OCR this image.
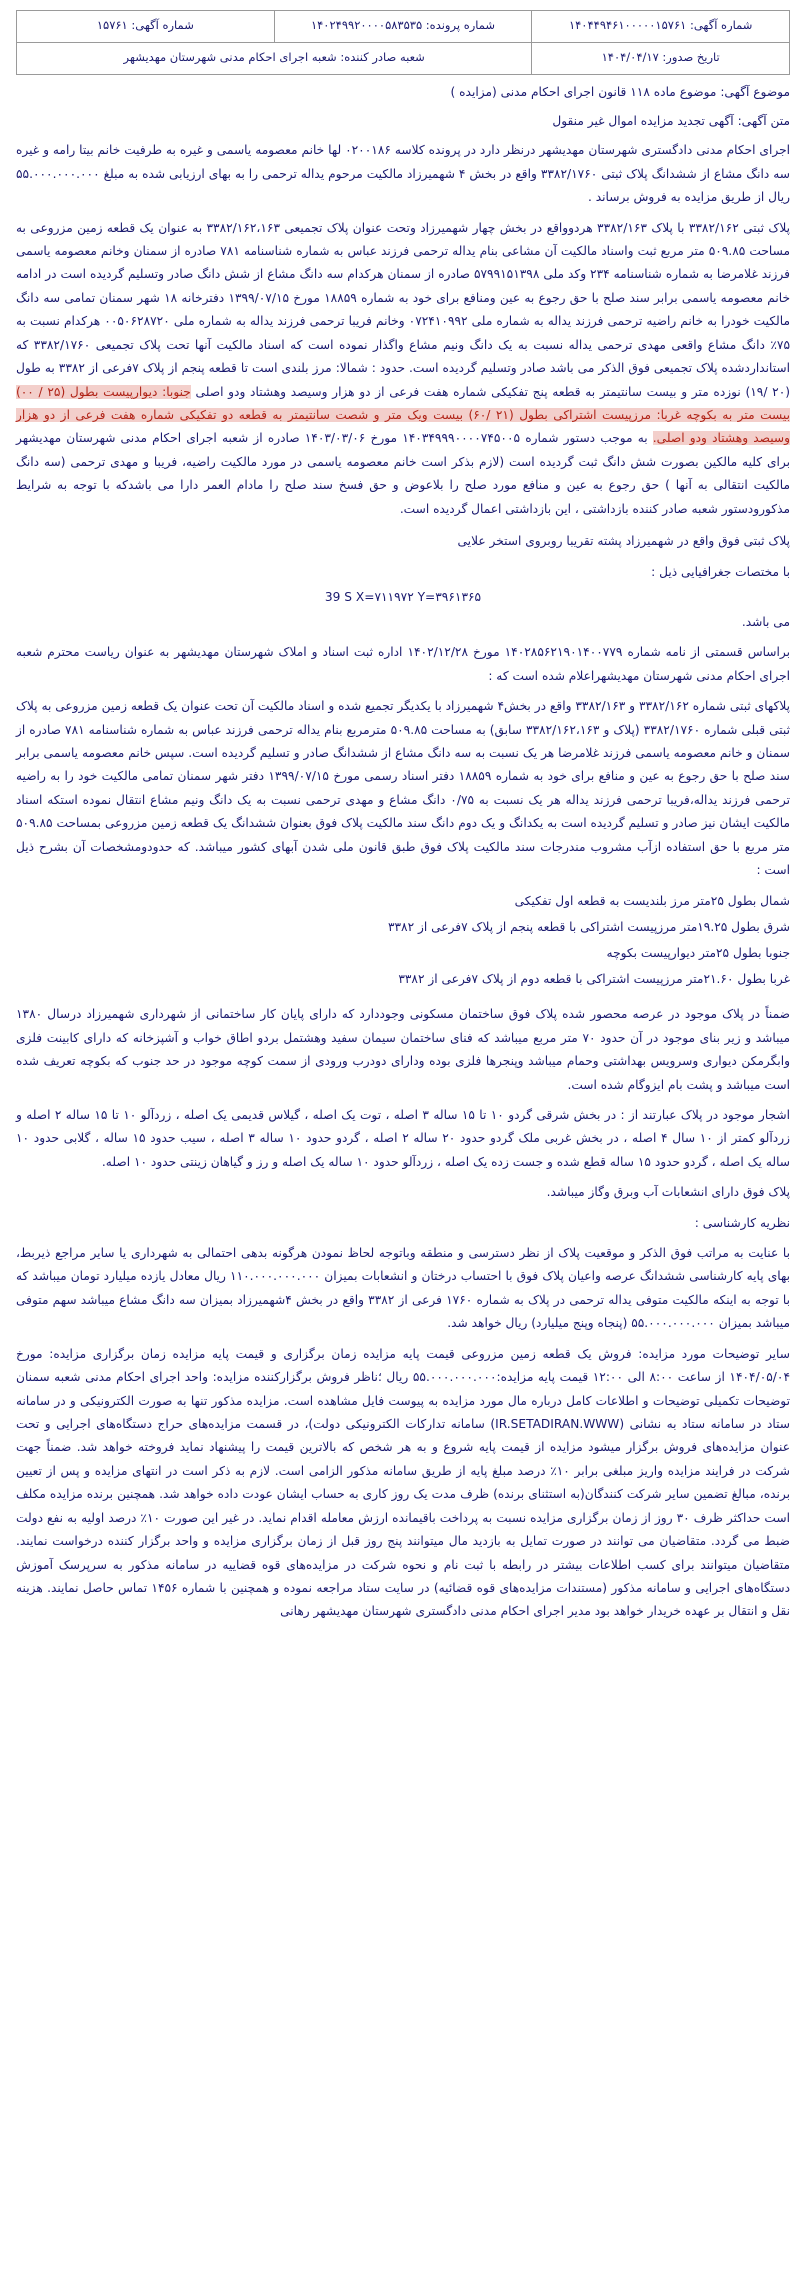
شماره آگهی: ۱۴۰۴۴۹۴۶۱۰۰۰۰۰۱۵۷۶۱	شماره پرونده: ۱۴۰۲۴۹۹۲۰۰۰۰۵۸۳۵۳۵	شماره آگهی: ۱۵۷۶۱
تاریخ صدور: ۱۴۰۴/۰۴/۱۷	شعبه صادر کننده: شعبه اجرای احکام مدنی شهرستان مهدیشهر	

موضوع آگهی: موضوع ماده ۱۱۸ قانون اجرای احکام مدنی (مزایده )

متن آگهی: آگهی تجدید مزایده اموال غیر منقول

اجرای احکام مدنی دادگستری شهرستان مهدیشهر درنظر دارد در پرونده کلاسه ۰۲۰۰۱۸۶ لها خانم معصومه یاسمی و غیره به طرفیت خانم بیتا رامه و غیره سه دانگ مشاع از ششدانگ پلاک ثبتی ۳۳۸۲/۱۷۶۰ واقع در بخش ۴ شهمیرزاد مالکیت مرحوم یداله ترحمی را به بهای ارزیابی شده به مبلغ ۵۵.۰۰۰.۰۰۰.۰۰۰ ریال از طریق مزایده به فروش برساند .

پلاک ثبتی ۳۳۸۲/۱۶۲ با پلاک ۳۳۸۲/۱۶۳ هردوواقع در بخش چهار شهمیرزاد وتحت عنوان پلاک تجمیعی ۳۳۸۲/۱۶۲،۱۶۳ به عنوان یک قطعه زمین مزروعی به مساحت ۵۰۹.۸۵ متر مربع ثبت واسناد مالکیت آن مشاعی بنام یداله ترحمی فرزند عباس به شماره شناسنامه ۷۸۱ صادره از سمنان وخانم معصومه یاسمی فرزند غلامرضا به شماره شناسنامه ۲۳۴ وکد ملی ۵۷۹۹۱۵۱۳۹۸ صادره از سمنان هرکدام سه دانگ مشاع از شش دانگ صادر وتسلیم گردیده است در ادامه خانم معصومه یاسمی برابر سند صلح با حق رجوع به عین ومنافع برای خود به شماره ۱۸۸۵۹ مورخ ۱۳۹۹/۰۷/۱۵ دفترخانه ۱۸ شهر سمنان تمامی سه دانگ مالکیت خودرا به خانم راضیه ترحمی فرزند یداله به شماره ملی ۰۷۲۴۱۰۹۹۲ وخانم فریبا ترحمی فرزند یداله به شماره ملی ۰۰۵۰۶۲۸۷۲۰ هرکدام نسبت به ۷۵٪ دانگ مشاع واقعی مهدی ترحمی یداله نسبت به یک دانگ ونیم مشاع واگذار نموده است که اسناد مالکیت آنها تحت پلاک تجمیعی ۳۳۸۲/۱۷۶۰ که استانداردشده پلاک تجمیعی فوق الذکر می باشد صادر وتسلیم گردیده است. حدود : شمالا: مرز بلندی است تا قطعه پنجم از پلاک ۷فرعی از ۳۳۸۲ به طول (۲۰ /۱۹) نوزده متر و بیست سانتیمتر به قطعه پنج تفکیکی شماره هفت فرعی از دو هزار وسیصد وهشتاد ودو اصلی جنوبا: دیوارپیست بطول (۲۵ / ۰۰) بیست متر به بکوچه غربا: مرزپیست اشتراکی بطول (۲۱ /۶۰) بیست ویک متر و شصت سانتیمتر به قطعه دو تفکیکی شماره هفت فرعی از دو هزار وسیصد وهشتاد ودو اصلی. به موجب دستور شماره ۱۴۰۳۴۹۹۹۰۰۰۰۷۴۵۰۰۵ مورخ ۱۴۰۳/۰۳/۰۶ صادره از شعبه اجرای احکام مدنی شهرستان مهدیشهر برای کلیه مالکین بصورت شش دانگ ثبت گردیده است (لازم بذکر است خانم معصومه یاسمی در مورد مالکیت راضیه، فریبا و مهدی ترحمی (سه دانگ مالکیت انتقالی به آنها ) حق رجوع به عین و منافع مورد صلح را بلاعوض و حق فسخ سند صلح را مادام العمر دارا می باشدکه با توجه به شرایط مذکورودستور شعبه صادر کننده بازداشتی ، این بازداشتی اعمال گردیده است.

پلاک ثبتی فوق واقع در شهمیرزاد پشته تقریبا روبروی استخر علایی

با مختصات جغرافیایی ذیل :

39 S X=۷۱۱۹۷۲ Y=۳۹۶۱۳۶۵

می باشد.

براساس قسمتی از نامه شماره ۱۴۰۲۸۵۶۲۱۹۰۱۴۰۰۷۷۹ مورخ ۱۴۰۲/۱۲/۲۸ اداره ثبت اسناد و املاک شهرستان مهدیشهر به عنوان ریاست محترم شعبه اجرای احکام مدنی شهرستان مهدیشهراعلام شده است که :

پلاکهای ثبتی شماره ۳۳۸۲/۱۶۲ و ۳۳۸۲/۱۶۳ واقع در بخش۴ شهمیرزاد با یکدیگر تجمیع شده و اسناد مالکیت آن تحت عنوان یک قطعه زمین مزروعی به پلاک ثبتی قبلی شماره ۳۳۸۲/۱۷۶۰ (پلاک و ۳۳۸۲/۱۶۲،۱۶۳ سابق) به مساحت ۵۰۹.۸۵ مترمربع بنام یداله ترحمی فرزند عباس به شماره شناسنامه ۷۸۱ صادره از سمنان و خانم معصومه یاسمی فرزند غلامرضا هر یک نسبت به سه دانگ مشاع از ششدانگ صادر و تسلیم گردیده است. سپس خانم معصومه یاسمی برابر سند صلح با حق رجوع به عین و منافع برای خود به شماره ۱۸۸۵۹ دفتر اسناد رسمی مورخ ۱۳۹۹/۰۷/۱۵ دفتر شهر سمنان تمامی مالکیت خود را به راضیه ترحمی فرزند یداله،فریبا ترحمی فرزند یداله هر یک نسبت به ۰/۷۵ دانگ مشاع و مهدی ترحمی نسبت به یک دانگ ونیم مشاع انتقال نموده استکه اسناد مالکیت ایشان نیز صادر و تسلیم گردیده است به یکدانگ و یک دوم دانگ سند مالکیت پلاک فوق بعنوان ششدانگ یک قطعه زمین مزروعی بمساحت ۵۰۹.۸۵ متر مربع با حق استفاده ازآب مشروب مندرجات سند مالکیت پلاک فوق طبق قانون ملی شدن آبهای کشور میباشد. که حدودومشخصات آن بشرح ذیل است :

شمال بطول ۲۵متر مرز بلندیست به قطعه اول تفکیکی

شرق بطول ۱۹.۲۵متر مرزپیست اشتراکی با قطعه پنجم از پلاک ۷فرعی از ۳۳۸۲

جنوبا بطول ۲۵متر دیوارپیست بکوچه

غربا بطول ۲۱.۶۰متر مرزپیست اشتراکی با قطعه دوم از پلاک ۷فرعی از ۳۳۸۲

ضمناً در پلاک موجود در عرصه محصور شده پلاک فوق ساختمان مسکونی وجوددارد که دارای پایان کار ساختمانی از شهرداری شهمیرزاد درسال ۱۳۸۰ میباشد و زیر بنای موجود در آن حدود ۷۰ متر مربع میباشد که فنای ساختمان سیمان سفید وهشتمل بردو اطاق خواب و آشپزخانه که دارای کابینت فلزی وابگرمکن دیواری وسرویس بهداشتی وحمام میباشد وپنجرها فلزی بوده ودارای دودرب ورودی از سمت کوچه موجود در حد جنوب که بکوچه تعریف شده است میباشد و پشت بام ایزوگام شده است.

اشجار موجود در پلاک عبارتند از : در بخش شرقی گردو ۱۰ تا ۱۵ ساله ۳ اصله ، توت یک اصله ، گیلاس قدیمی یک اصله ، زردآلو ۱۰ تا ۱۵ ساله ۲ اصله و زردآلو کمتر از ۱۰ سال ۴ اصله ، در بخش غربی ملک گردو حدود ۲۰ ساله ۲ اصله ، گردو حدود ۱۰ ساله ۳ اصله ، سیب حدود ۱۵ ساله ، گلابی حدود ۱۰ ساله یک اصله ، گردو حدود ۱۵ ساله قطع شده و جست زده یک اصله ، زردآلو حدود ۱۰ ساله یک اصله و رز و گیاهان زینتی حدود ۱۰ اصله.

پلاک فوق دارای انشعابات آب وبرق وگاز میباشد.

نظریه کارشناسی :

با عنایت به مراتب فوق الذکر و موقعیت پلاک از نظر دسترسی و منطقه وباتوجه لحاظ نمودن هرگونه بدهی احتمالی به شهرداری یا سایر مراجع ذیربط، بهای پایه کارشناسی ششدانگ عرصه واعیان پلاک فوق با احتساب درختان و انشعابات بمیزان ۱۱۰.۰۰۰.۰۰۰.۰۰۰ ریال معادل یازده میلیارد تومان میباشد که با توجه به اینکه مالکیت متوفی یداله ترحمی در پلاک به شماره ۱۷۶۰ فرعی از ۳۳۸۲ واقع در بخش ۴شهمیرزاد بمیزان سه دانگ مشاع میباشد سهم متوفی میباشد بمیزان ۵۵.۰۰۰.۰۰۰.۰۰۰ (پنجاه وپنج میلیارد) ریال خواهد شد.

سایر توضیحات مورد مزایده: فروش یک قطعه زمین مزروعی قیمت پایه مزایده زمان برگزاری و قیمت پایه مزایده زمان برگزاری مزایده: مورخ ۱۴۰۴/۰۵/۰۴ از ساعت ۸:۰۰ الی ۱۲:۰۰ قیمت پایه مزایده:۵۵.۰۰۰.۰۰۰.۰۰۰ ریال ؛ناظر فروش برگزارکننده مزایده: واحد اجرای احکام مدنی شعبه سمنان توضیحات تکمیلی توضیحات و اطلاعات کامل درباره مال مورد مزایده به پیوست فایل مشاهده است. مزایده مذکور تنها به صورت الکترونیکی و در سامانه ستاد در سامانه ستاد به نشانی (IR.SETADIRAN.WWW) سامانه تدارکات الکترونیکی دولت)، در قسمت مزایده‌های حراج دستگاه‌های اجرایی و تحت عنوان مزایده‌های فروش برگزار میشود مزایده از قیمت پایه شروع و به هر شخص که بالاترین قیمت را پیشنهاد نماید فروخته خواهد شد. ضمناً جهت شرکت در فرایند مزایده واریز مبلغی برابر ۱۰٪ درصد مبلغ پایه از طریق سامانه مذکور الزامی است. لازم به ذکر است در انتهای مزایده و پس از تعیین برنده، مبالغ تضمین سایر شرکت کنندگان(به استثنای برنده) ظرف مدت یک روز کاری به حساب ایشان عودت داده خواهد شد. همچنین برنده مزایده مکلف است حداکثر ظرف ۳۰ روز از زمان برگزاری مزایده نسبت به پرداخت باقیمانده ارزش معامله اقدام نماید. در غیر این صورت ۱۰٪ درصد اولیه به نفع دولت ضبط می گردد. متقاضیان می توانند در صورت تمایل به بازدید مال میتوانند پنج روز قبل از زمان برگزاری مزایده و واحد برگزار کننده درخواست نمایند. متقاضیان میتوانند برای کسب اطلاعات بیشتر در رابطه با ثبت نام و نحوه شرکت در مزایده‌های قوه قضاییه در سامانه مذکور به سرپرسک آموزش دستگاه‌های اجرایی و سامانه مذکور (مستندات مزایده‌های قوه قضائیه) در سایت ستاد مراجعه نموده و همچنین با شماره ۱۴۵۶ تماس حاصل نمایند. هزینه نقل و انتقال بر عهده خریدار خواهد بود مدیر اجرای احکام مدنی دادگستری شهرستان مهدیشهر رهانی
